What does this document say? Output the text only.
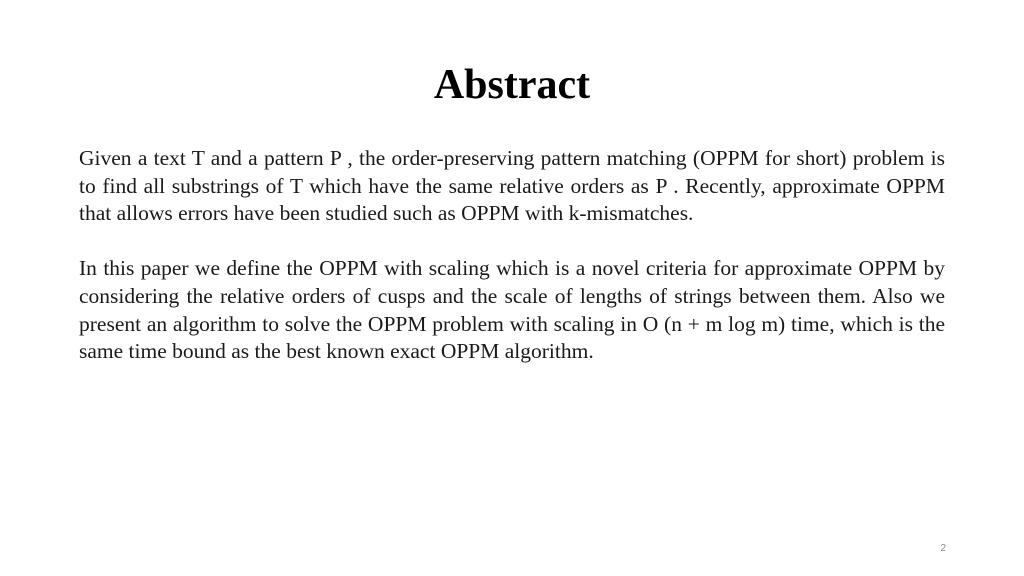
Abstract

Given a text T and a pattern P , the order-preserving pattern matching (OPPM for short) problem is to find all substrings of T which have the same relative orders as P . Recently, approximate OPPM that allows errors have been studied such as OPPM with k-mismatches.

In this paper we define the OPPM with scaling which is a novel criteria for approximate OPPM by considering the relative orders of cusps and the scale of lengths of strings between them. Also we present an algorithm to solve the OPPM problem with scaling in O (n + m log m) time, which is the same time bound as the best known exact OPPM algorithm.

2
